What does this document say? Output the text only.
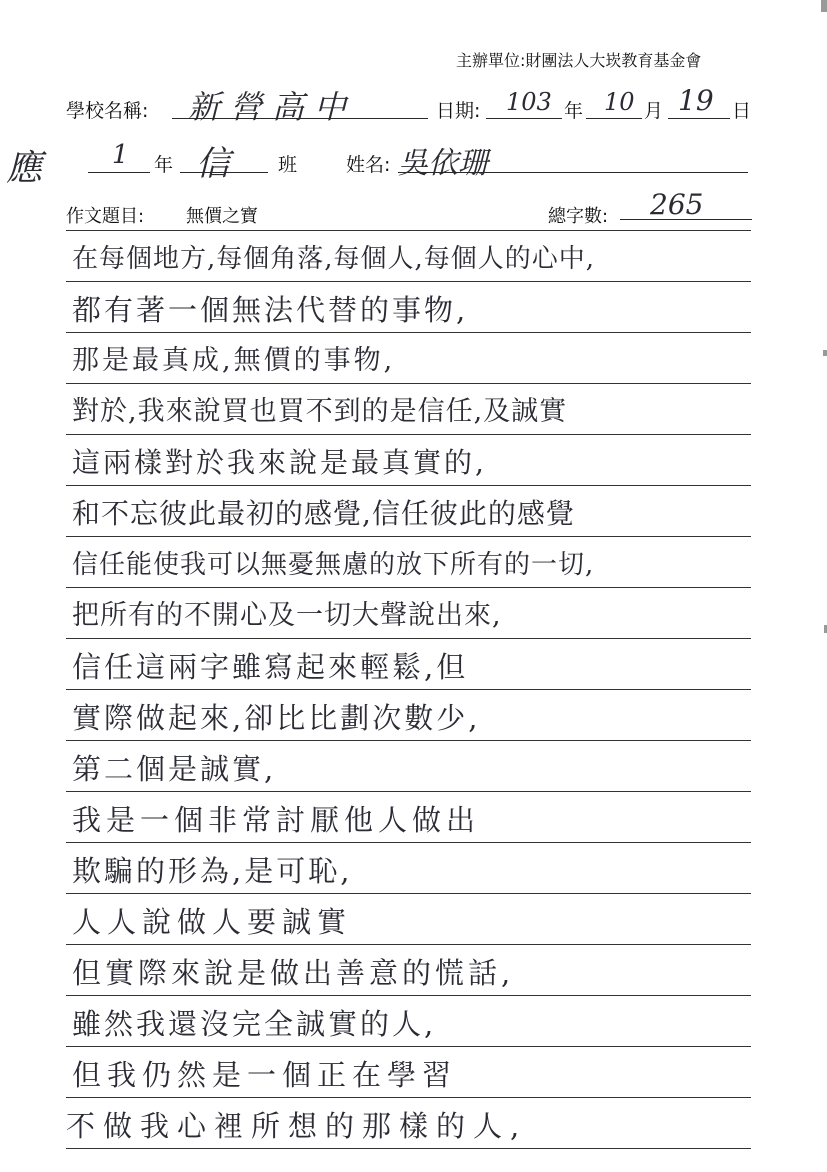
主辦單位:財團法人大崁教育基金會
學校名稱: 新營高中	日期: 103 年 10 月 19 日
應	1 年 信	班	姓名: 吳依珊
作文題目: 無價之寶	總字數: 265
在每個地方,每個角落,每個人,每個人的心中,
都有著一個無法代替的事物,
那是最真成,無價的事物,
對於,我來說買也買不到的是信任,及誠實
這兩樣對於我來說是最真實的,
和不忘彼此最初的感覺,信任彼此的感覺
信任能使我可以無憂無慮的放下所有的一切,
把所有的不開心及一切大聲說出來,
信任這兩字雖寫起來輕鬆,但
實際做起來,卻比比劃次數少,
第二個是誠實,
我是一個非常討厭他人做出
欺騙的形為,是可恥,
人人說做人要誠實
但實際來說是做出善意的慌話,
雖然我還沒完全誠實的人,
但我仍然是一個正在學習
不做我心裡所想的那樣的人,
